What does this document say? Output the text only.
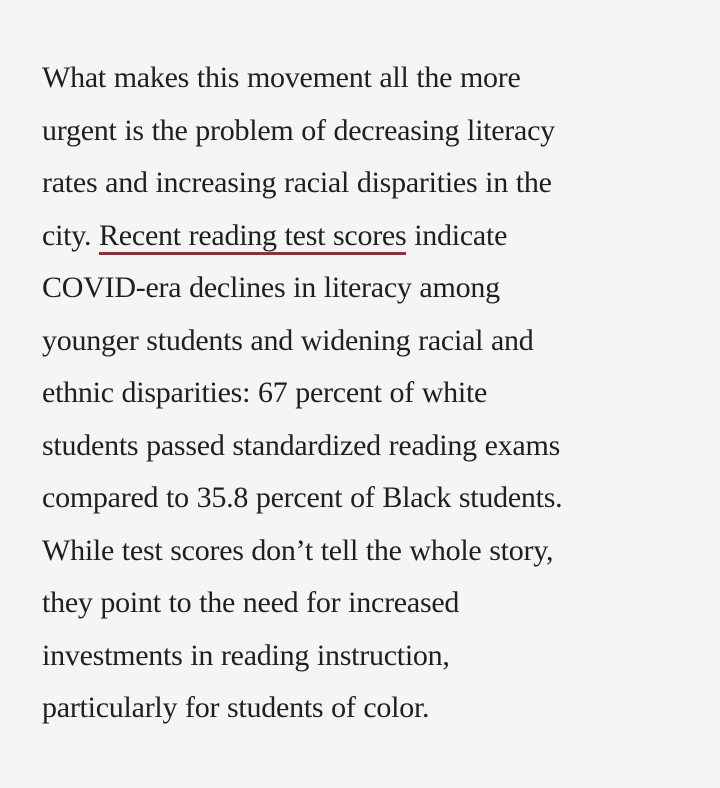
What makes this movement all the more
urgent is the problem of decreasing literacy
rates and increasing racial disparities in the
city. Recent reading test scores indicate
COVID-era declines in literacy among
younger students and widening racial and
ethnic disparities: 67 percent of white
students passed standardized reading exams
compared to 35.8 percent of Black students.
While test scores don’t tell the whole story,
they point to the need for increased
investments in reading instruction,
particularly for students of color.
